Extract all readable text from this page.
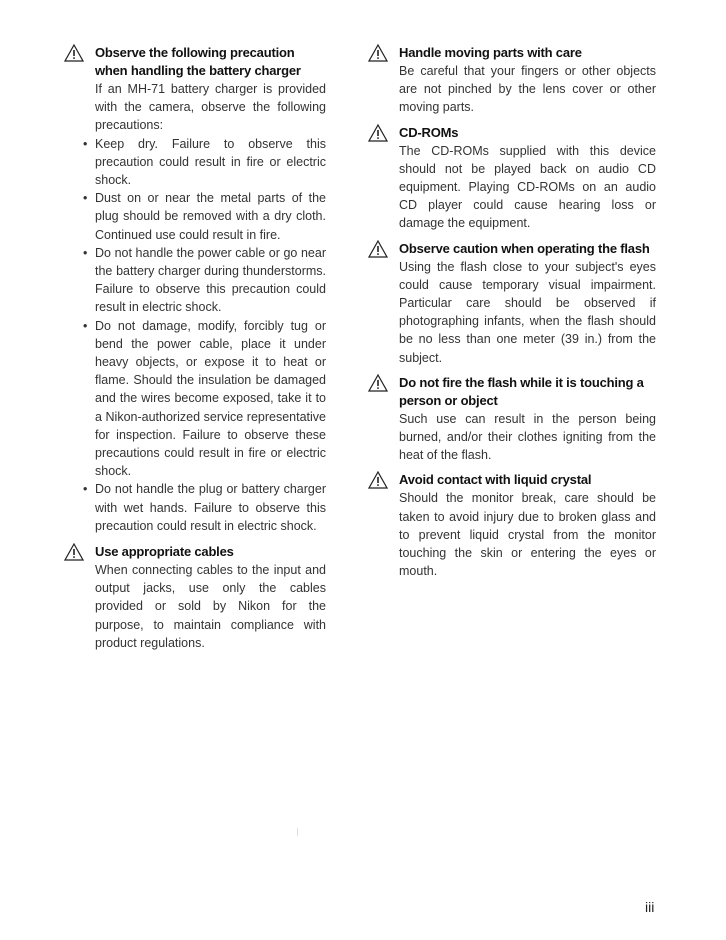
Observe the following precaution when handling the battery charger

If an MH-71 battery charger is provided with the camera, observe the following precautions:

• Keep dry. Failure to observe this precaution could result in fire or electric shock.
• Dust on or near the metal parts of the plug should be removed with a dry cloth. Continued use could result in fire.
• Do not handle the power cable or go near the battery charger during thunderstorms. Failure to observe this precaution could result in electric shock.
• Do not damage, modify, forcibly tug or bend the power cable, place it under heavy objects, or expose it to heat or flame. Should the insulation be damaged and the wires become exposed, take it to a Nikon-authorized service representative for inspection. Failure to observe these precautions could result in fire or electric shock.
• Do not handle the plug or battery charger with wet hands. Failure to observe this precaution could result in electric shock.

Use appropriate cables

When connecting cables to the input and output jacks, use only the cables provided or sold by Nikon for the purpose, to maintain compliance with product regulations.

Handle moving parts with care

Be careful that your fingers or other objects are not pinched by the lens cover or other moving parts.

CD-ROMs

The CD-ROMs supplied with this device should not be played back on audio CD equipment. Playing CD-ROMs on an audio CD player could cause hearing loss or damage the equipment.

Observe caution when operating the flash

Using the flash close to your subject's eyes could cause temporary visual impairment. Particular care should be observed if photographing infants, when the flash should be no less than one meter (39 in.) from the subject.

Do not fire the flash while it is touching a person or object

Such use can result in the person being burned, and/or their clothes igniting from the heat of the flash.

Avoid contact with liquid crystal

Should the monitor break, care should be taken to avoid injury due to broken glass and to prevent liquid crystal from the monitor touching the skin or entering the eyes or mouth.

iii
